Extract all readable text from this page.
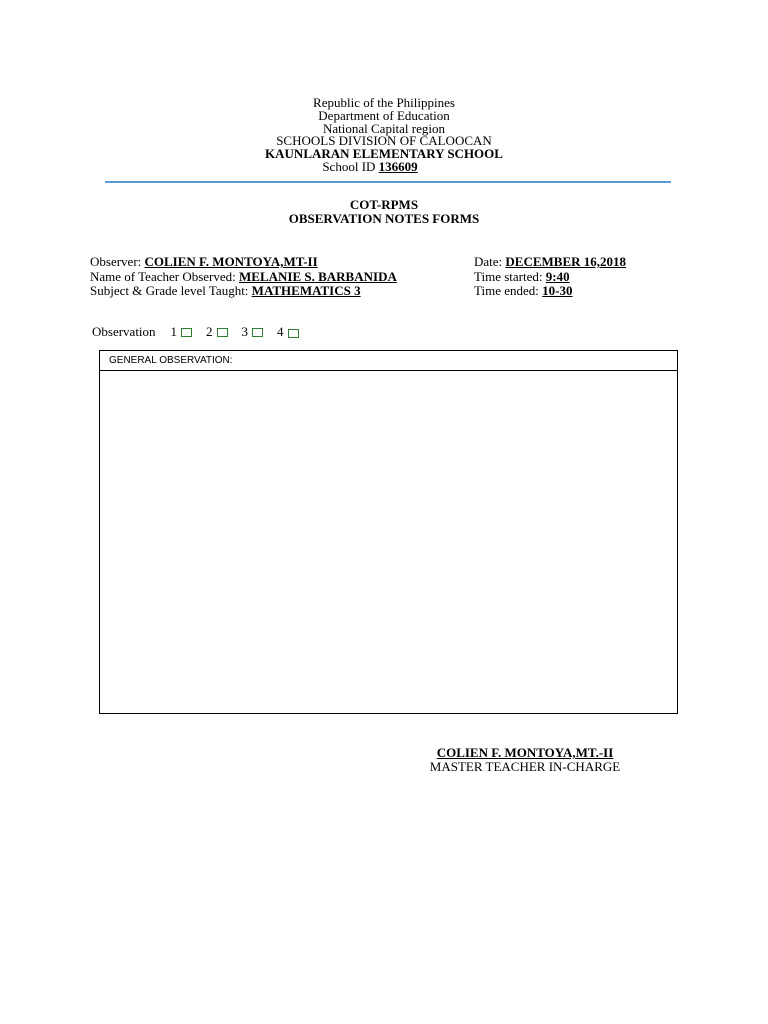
Republic of the Philippines
Department of Education
National Capital region
SCHOOLS DIVISION OF CALOOCAN
KAUNLARAN ELEMENTARY SCHOOL
School ID 136609
COT-RPMS
OBSERVATION NOTES FORMS
Observer: COLIEN F. MONTOYA,MT-II
Name of Teacher Observed: MELANIE S. BARBANIDA
Subject & Grade level Taught: MATHEMATICS 3
Date: DECEMBER 16,2018
Time started: 9:40
Time ended: 10-30
Observation 1 2 3 4
GENERAL OBSERVATION:
COLIEN F. MONTOYA,MT.-II
MASTER TEACHER IN-CHARGE
